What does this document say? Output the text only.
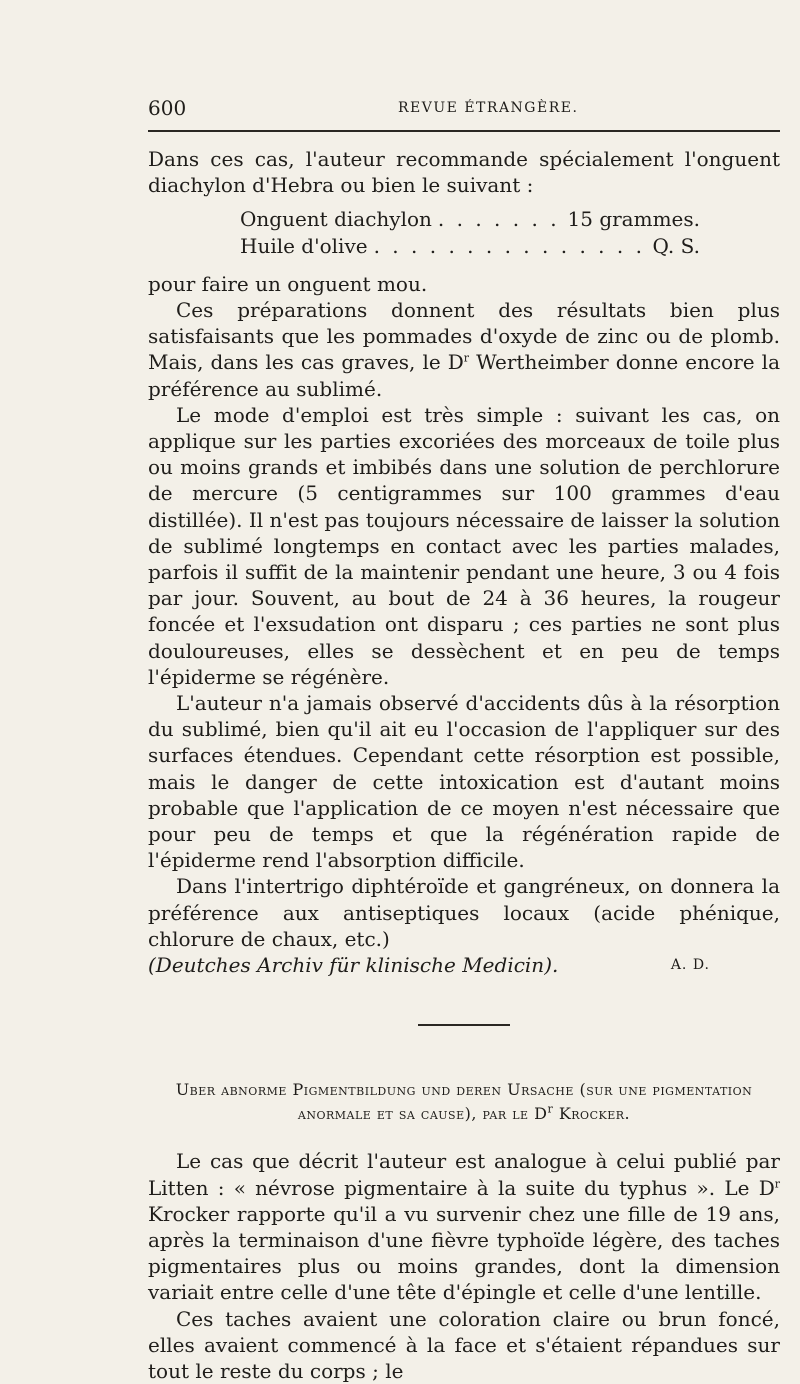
600	REVUE ÉTRANGÈRE.

Dans ces cas, l'auteur recommande spécialement l'onguent diachylon d'Hebra ou bien le suivant :

Onguent diachylon . . .	15 grammes.
Huile d'olive . . .	Q. S.

pour faire un onguent mou.

Ces préparations donnent des résultats bien plus satisfaisants que les pommades d'oxyde de zinc ou de plomb. Mais, dans les cas graves, le $D^r$ Wertheimber donne encore la préférence au sublimé.

Le mode d'emploi est très simple : suivant les cas, on applique sur les parties excoriées des morceaux de toile plus ou moins grands et imbibés dans une solution de perchlorure de mercure (5 centigrammes sur 100 grammes d'eau distillée). Il n'est pas toujours nécessaire de laisser la solution de sublimé longtemps en contact avec les parties malades, parfois il suffit de la maintenir pendant une heure, 3 ou 4 fois par jour. Souvent, au bout de 24 à 36 heures, la rougeur foncée et l'exsudation ont disparu ; ces parties ne sont plus douloureuses, elles se dessèchent et en peu de temps l'épiderme se régénère.

L'auteur n'a jamais observé d'accidents dûs à la résorption du sublimé, bien qu'il ait eu l'occasion de l'appliquer sur des surfaces étendues. Cependant cette résorption est possible, mais le danger de cette intoxication est d'autant moins probable que l'application de ce moyen n'est nécessaire que pour peu de temps et que la régénération rapide de l'épiderme rend l'absorption difficile.

Dans l'intertrigo diphtéroïde et gangréneux, on donnera la préférence aux antiseptiques locaux (acide phénique, chlorure de chaux, etc.)

(Deutches Archiv für klinische Medicin).	A. D.
Uber abnorme Pigmentbildung und deren Ursache (sur une pigmentation
anormale et sa cause), par le $D^r$ Krocker.

Le cas que décrit l'auteur est analogue à celui publié par Litten : « névrose pigmentaire à la suite du typhus ». Le $D^r$ Krocker rapporte qu'il a vu survenir chez une fille de 19 ans, après la terminaison d'une fièvre typhoïde légère, des taches pigmentaires plus ou moins grandes, dont la dimension variait entre celle d'une tête d'épingle et celle d'une lentille.

Ces taches avaient une coloration claire ou brun foncé, elles avaient commencé à la face et s'étaient répandues sur tout le reste du corps ; le
